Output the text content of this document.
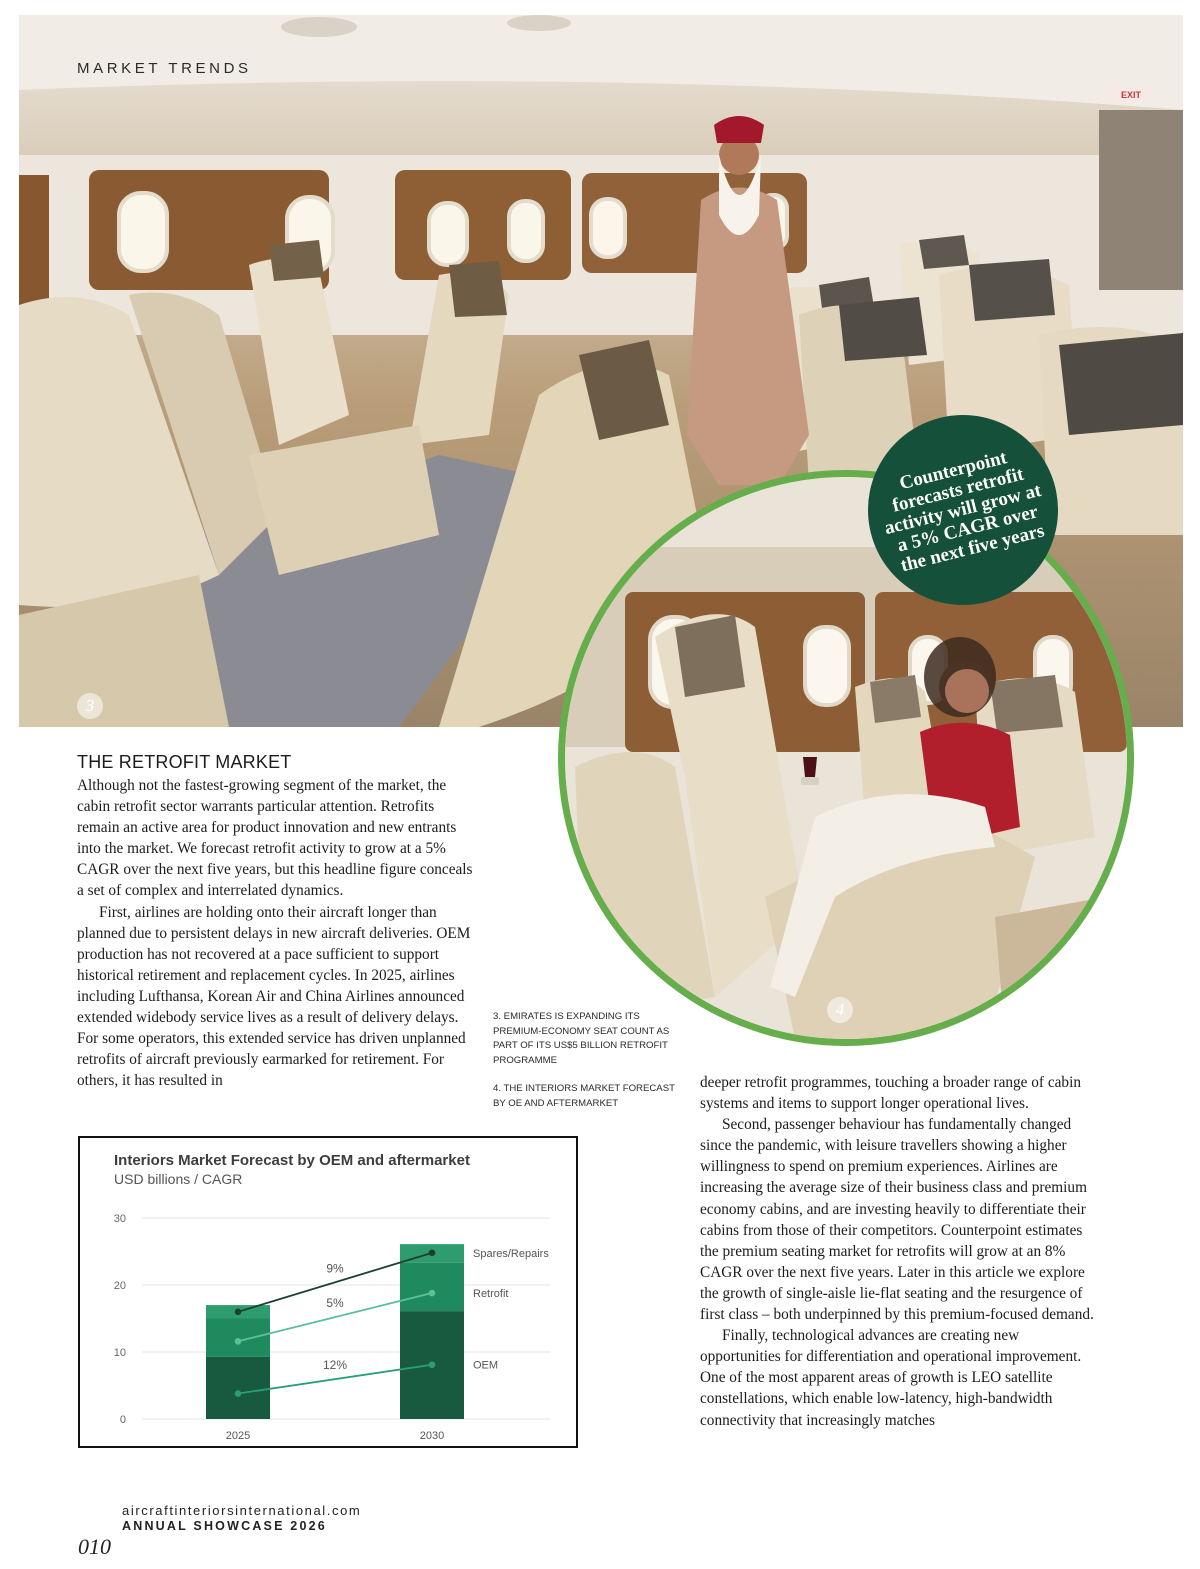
EXIT
3
MARKET TRENDS
4
Counterpoint forecasts retrofit activity will grow at a 5% CAGR over the next five years
THE RETROFIT MARKET

Although not the fastest-growing segment of the market, the cabin retrofit sector warrants particular attention. Retrofits remain an active area for product innovation and new entrants into the market. We forecast retrofit activity to grow at a 5% CAGR over the next five years, but this headline figure conceals a set of complex and interrelated dynamics.

First, airlines are holding onto their aircraft longer than planned due to persistent delays in new aircraft deliveries. OEM production has not recovered at a pace sufficient to support historical retirement and replacement cycles. In 2025, airlines including Lufthansa, Korean Air and China Airlines announced extended widebody service lives as a result of delivery delays. For some operators, this extended service has driven unplanned retrofits of aircraft previously earmarked for retirement. For others, it has resulted in

3. EMIRATES IS EXPANDING ITS PREMIUM-ECONOMY SEAT COUNT AS PART OF ITS US$5 BILLION RETROFIT PROGRAMME

4. THE INTERIORS MARKET FORECAST BY OE AND AFTERMARKET

deeper retrofit programmes, touching a broader range of cabin systems and items to support longer operational lives.

Second, passenger behaviour has fundamentally changed since the pandemic, with leisure travellers showing a higher willingness to spend on premium experiences. Airlines are increasing the average size of their business class and premium economy cabins, and are investing heavily to differentiate their cabins from those of their competitors. Counterpoint estimates the premium seating market for retrofits will grow at an 8% CAGR over the next five years. Later in this article we explore the growth of single-aisle lie-flat seating and the resurgence of first class – both underpinned by this premium-focused demand.

Finally, technological advances are creating new opportunities for differentiation and operational improvement. One of the most apparent areas of growth is LEO satellite constellations, which enable low-latency, high-bandwidth connectivity that increasingly matches

Interiors Market Forecast by OEM and aftermarket
USD billions / CAGR
0
10
20
30
2025	2030
12%	OEM
5%
Retrofit
9%
Spares/Repairs
010
aircraftinteriorsinternational.com
ANNUAL SHOWCASE 2026
